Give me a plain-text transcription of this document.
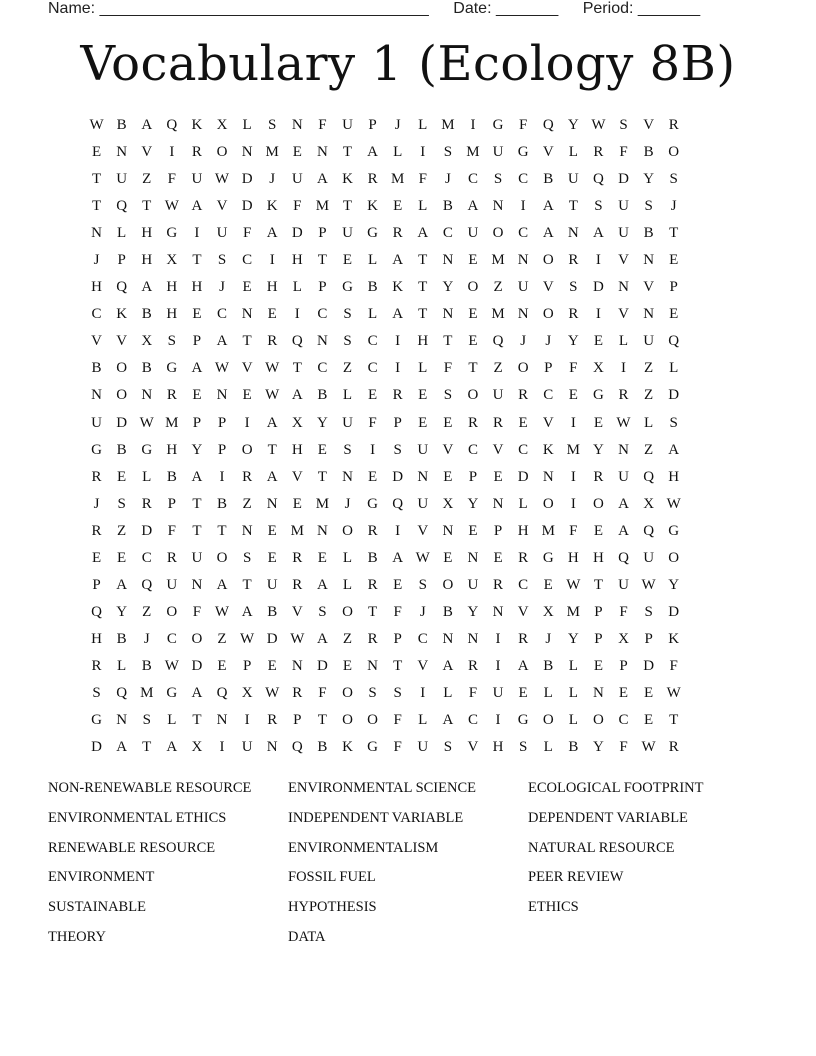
Name: _____________________________________ Date: _______ Period: _______
Vocabulary 1 (Ecology 8B)
W B A Q K X	L	S	N	F	U	P	J	L M	I	G	F	Q Y W S	V R
E	N V	I	R O N M E	N	T	A	L	I	S M U G V	L	R	F	B O
T	U	Z	F	U W D	J	U A K R M F	J	C	S	C	B U Q D Y	S
T	Q	T W A V D K	F M T	K	E	L	B A N	I	A	T	S	U	S	J
N	L	H G	I	U	F	A D	P	U G R A C U O C A N A U B	T
J	P	H X	T	S	C	I	H	T	E	L	A	T	N	E M N O R	I	V N	E
H Q A H H	J	E	H	L	P	G B K	T	Y O	Z	U V	S	D N V	P
C K B H	E	C N	E	I	C	S	L	A	T	N	E M N O R	I	V N	E
V V X	S	P	A	T	R Q N	S	C	I	H	T	E	Q	J	J	Y	E	L	U Q
B O B G A W V W T	C	Z	C	I	L	F	T	Z	O	P	F	X	I	Z	L
N O N R	E	N	E W A B	L	E	R	E	S	O U R	C	E	G R	Z	D
U D W M P	P	I	A X Y U	F	P	E	E	R	R	E	V	I	E W L	S
G B G H Y	P	O	T	H	E	S	I	S	U V C V C K M Y N	Z	A
R	E	L	B A	I	R A V	T	N	E	D N	E	P	E	D N	I	R U Q H
J	S	R	P	T	B	Z	N	E M	J	G Q U X Y N	L	O	I	O A X W
R	Z	D	F	T	T	N	E M N O R	I	V N	E	P	H M F	E	A Q G
E	E	C	R U O	S	E	R	E	L	B A W E	N	E	R G H H Q U O
P	A Q U N A	T	U R A	L	R	E	S	O U R	C	E W T	U W Y
Q Y	Z	O	F W A B V	S	O	T	F	J	B Y N V X M P	F	S	D
H B	J	C O	Z W D W A	Z	R	P	C N N	I	R	J	Y	P	X	P	K
R	L	B W D	E	P	E	N D	E	N	T	V A R	I	A B	L	E	P	D	F
S	Q M G A Q X W R	F	O	S	S	I	L	F	U	E	L	L	N	E	E W
G N	S	L	T	N	I	R	P	T	O O	F	L	A C	I	G O	L	O C	E	T
D A	T	A X	I	U N Q B K G	F	U	S	V H	S	L	B Y	F W R
NON-RENEWABLE RESOURCE	ENVIRONMENTAL SCIENCE	ECOLOGICAL FOOTPRINT
ENVIRONMENTAL ETHICS	INDEPENDENT VARIABLE	DEPENDENT VARIABLE
RENEWABLE RESOURCE	ENVIRONMENTALISM	NATURAL RESOURCE
ENVIRONMENT	FOSSIL FUEL	PEER REVIEW
SUSTAINABLE	HYPOTHESIS	ETHICS
THEORY	DATA
